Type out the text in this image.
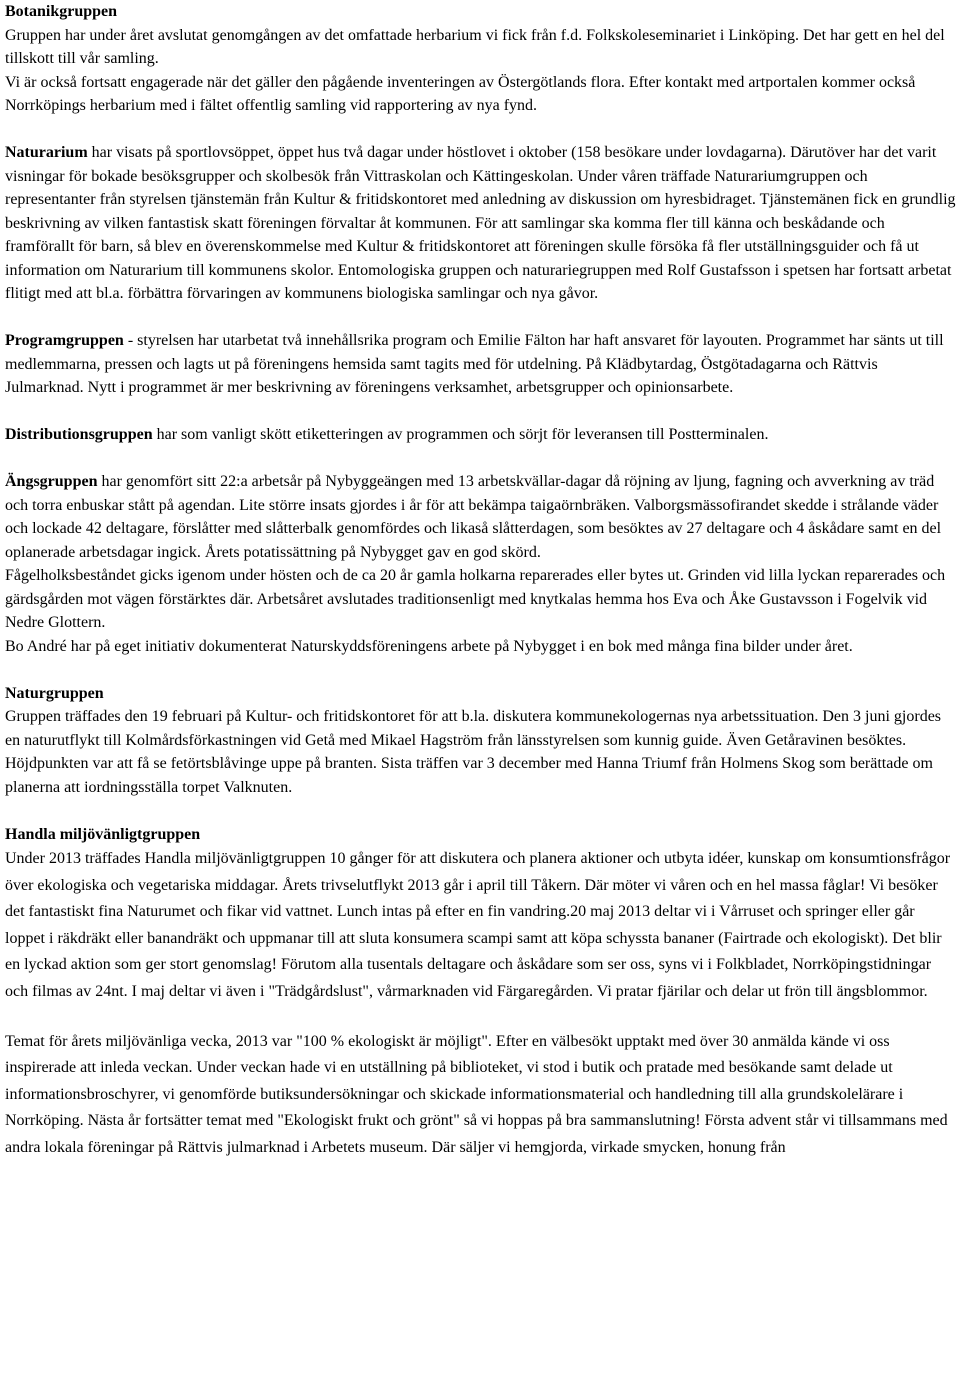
Botanikgruppen

Gruppen har under året avslutat genomgången av det omfattade herbarium vi fick från f.d. Folkskoleseminariet i Linköping. Det har gett en hel del tillskott till vår samling.

Vi är också fortsatt engagerade när det gäller den pågående inventeringen av Östergötlands flora. Efter kontakt med artportalen kommer också Norrköpings herbarium med i fältet offentlig samling vid rapportering av nya fynd.

Naturarium har visats på sportlovsöppet, öppet hus två dagar under höstlovet i oktober (158 besökare under lovdagarna). Därutöver har det varit visningar för bokade besöksgrupper och skolbesök från Vittraskolan och Kättingeskolan. Under våren träffade Naturariumgruppen och representanter från styrelsen tjänstemän från Kultur & fritidskontoret med anledning av diskussion om hyresbidraget. Tjänstemänen fick en grundlig beskrivning av vilken fantastisk skatt föreningen förvaltar åt kommunen. För att samlingar ska komma fler till känna och beskådande och framförallt för barn, så blev en överenskommelse med Kultur & fritidskontoret att föreningen skulle försöka få fler utställningsguider och få ut information om Naturarium till kommunens skolor. Entomologiska gruppen och naturariegruppen med Rolf Gustafsson i spetsen har fortsatt arbetat flitigt med att bl.a. förbättra förvaringen av kommunens biologiska samlingar och nya gåvor.

Programgruppen - styrelsen har utarbetat två innehållsrika program och Emilie Fälton har haft ansvaret för layouten. Programmet har sänts ut till medlemmarna, pressen och lagts ut på föreningens hemsida samt tagits med för utdelning. På Klädbytardag, Östgötadagarna och Rättvis Julmarknad. Nytt i programmet är mer beskrivning av föreningens verksamhet, arbetsgrupper och opinionsarbete.

Distributionsgruppen har som vanligt skött etiketteringen av programmen och sörjt för leveransen till Postterminalen.

Ängsgruppen har genomfört sitt 22:a arbetsår på Nybyggeängen med 13 arbetskvällar-dagar då röjning av ljung, fagning och avverkning av träd och torra enbuskar stått på agendan. Lite större insats gjordes i år för att bekämpa taigaörnbräken. Valborgsmässofirandet skedde i strålande väder och lockade 42 deltagare, förslåtter med slåtterbalk genomfördes och likaså slåtterdagen, som besöktes av 27 deltagare och 4 åskådare samt en del oplanerade arbetsdagar ingick. Årets potatissättning på Nybygget gav en god skörd.

Fågelholksbeståndet gicks igenom under hösten och de ca 20 år gamla holkarna reparerades eller bytes ut. Grinden vid lilla lyckan reparerades och gärdsgården mot vägen förstärktes där. Arbetsåret avslutades traditionsenligt med knytkalas hemma hos Eva och Åke Gustavsson i Fogelvik vid Nedre Glottern.

Bo André har på eget initiativ dokumenterat Naturskyddsföreningens arbete på Nybygget i en bok med många fina bilder under året.

Naturgruppen

Gruppen träffades den 19 februari på Kultur- och fritidskontoret för att b.la. diskutera kommunekologernas nya arbetssituation. Den 3 juni gjordes en naturutflykt till Kolmårdsförkastningen vid Getå med Mikael Hagström från länsstyrelsen som kunnig guide. Även Getåravinen besöktes. Höjdpunkten var att få se fetörtsblåvinge uppe på branten. Sista träffen var 3 december med Hanna Triumf från Holmens Skog som berättade om planerna att iordningsställa torpet Valknuten.

Handla miljövänligtgruppen

Under 2013 träffades Handla miljövänligtgruppen 10 gånger för att diskutera och planera aktioner och utbyta idéer, kunskap om konsumtionsfrågor över ekologiska och vegetariska middagar. Årets trivselutflykt 2013 går i april till Tåkern. Där möter vi våren och en hel massa fåglar! Vi besöker det fantastiskt fina Naturumet och fikar vid vattnet. Lunch intas på efter en fin vandring.20 maj 2013 deltar vi i Vårruset och springer eller går loppet i räkdräkt eller banandräkt och uppmanar till att sluta konsumera scampi samt att köpa schyssta bananer (Fairtrade och ekologiskt). Det blir en lyckad aktion som ger stort genomslag! Förutom alla tusentals deltagare och åskådare som ser oss, syns vi i Folkbladet, Norrköpingstidningar och filmas av 24nt. I maj deltar vi även i "Trädgårdslust", vårmarknaden vid Färgaregården. Vi pratar fjärilar och delar ut frön till ängsblommor.

Temat för årets miljövänliga vecka, 2013 var "100 % ekologiskt är möjligt". Efter en välbesökt upptakt med över 30 anmälda kände vi oss inspirerade att inleda veckan. Under veckan hade vi en utställning på biblioteket, vi stod i butik och pratade med besökande samt delade ut informationsbroschyrer, vi genomförde butiksundersökningar och skickade informationsmaterial och handledning till alla grundskolelärare i Norrköping. Nästa år fortsätter temat med "Ekologiskt frukt och grönt" så vi hoppas på bra sammanslutning! Första advent står vi tillsammans med andra lokala föreningar på Rättvis julmarknad i Arbetets museum. Där säljer vi hemgjorda, virkade smycken, honung från
